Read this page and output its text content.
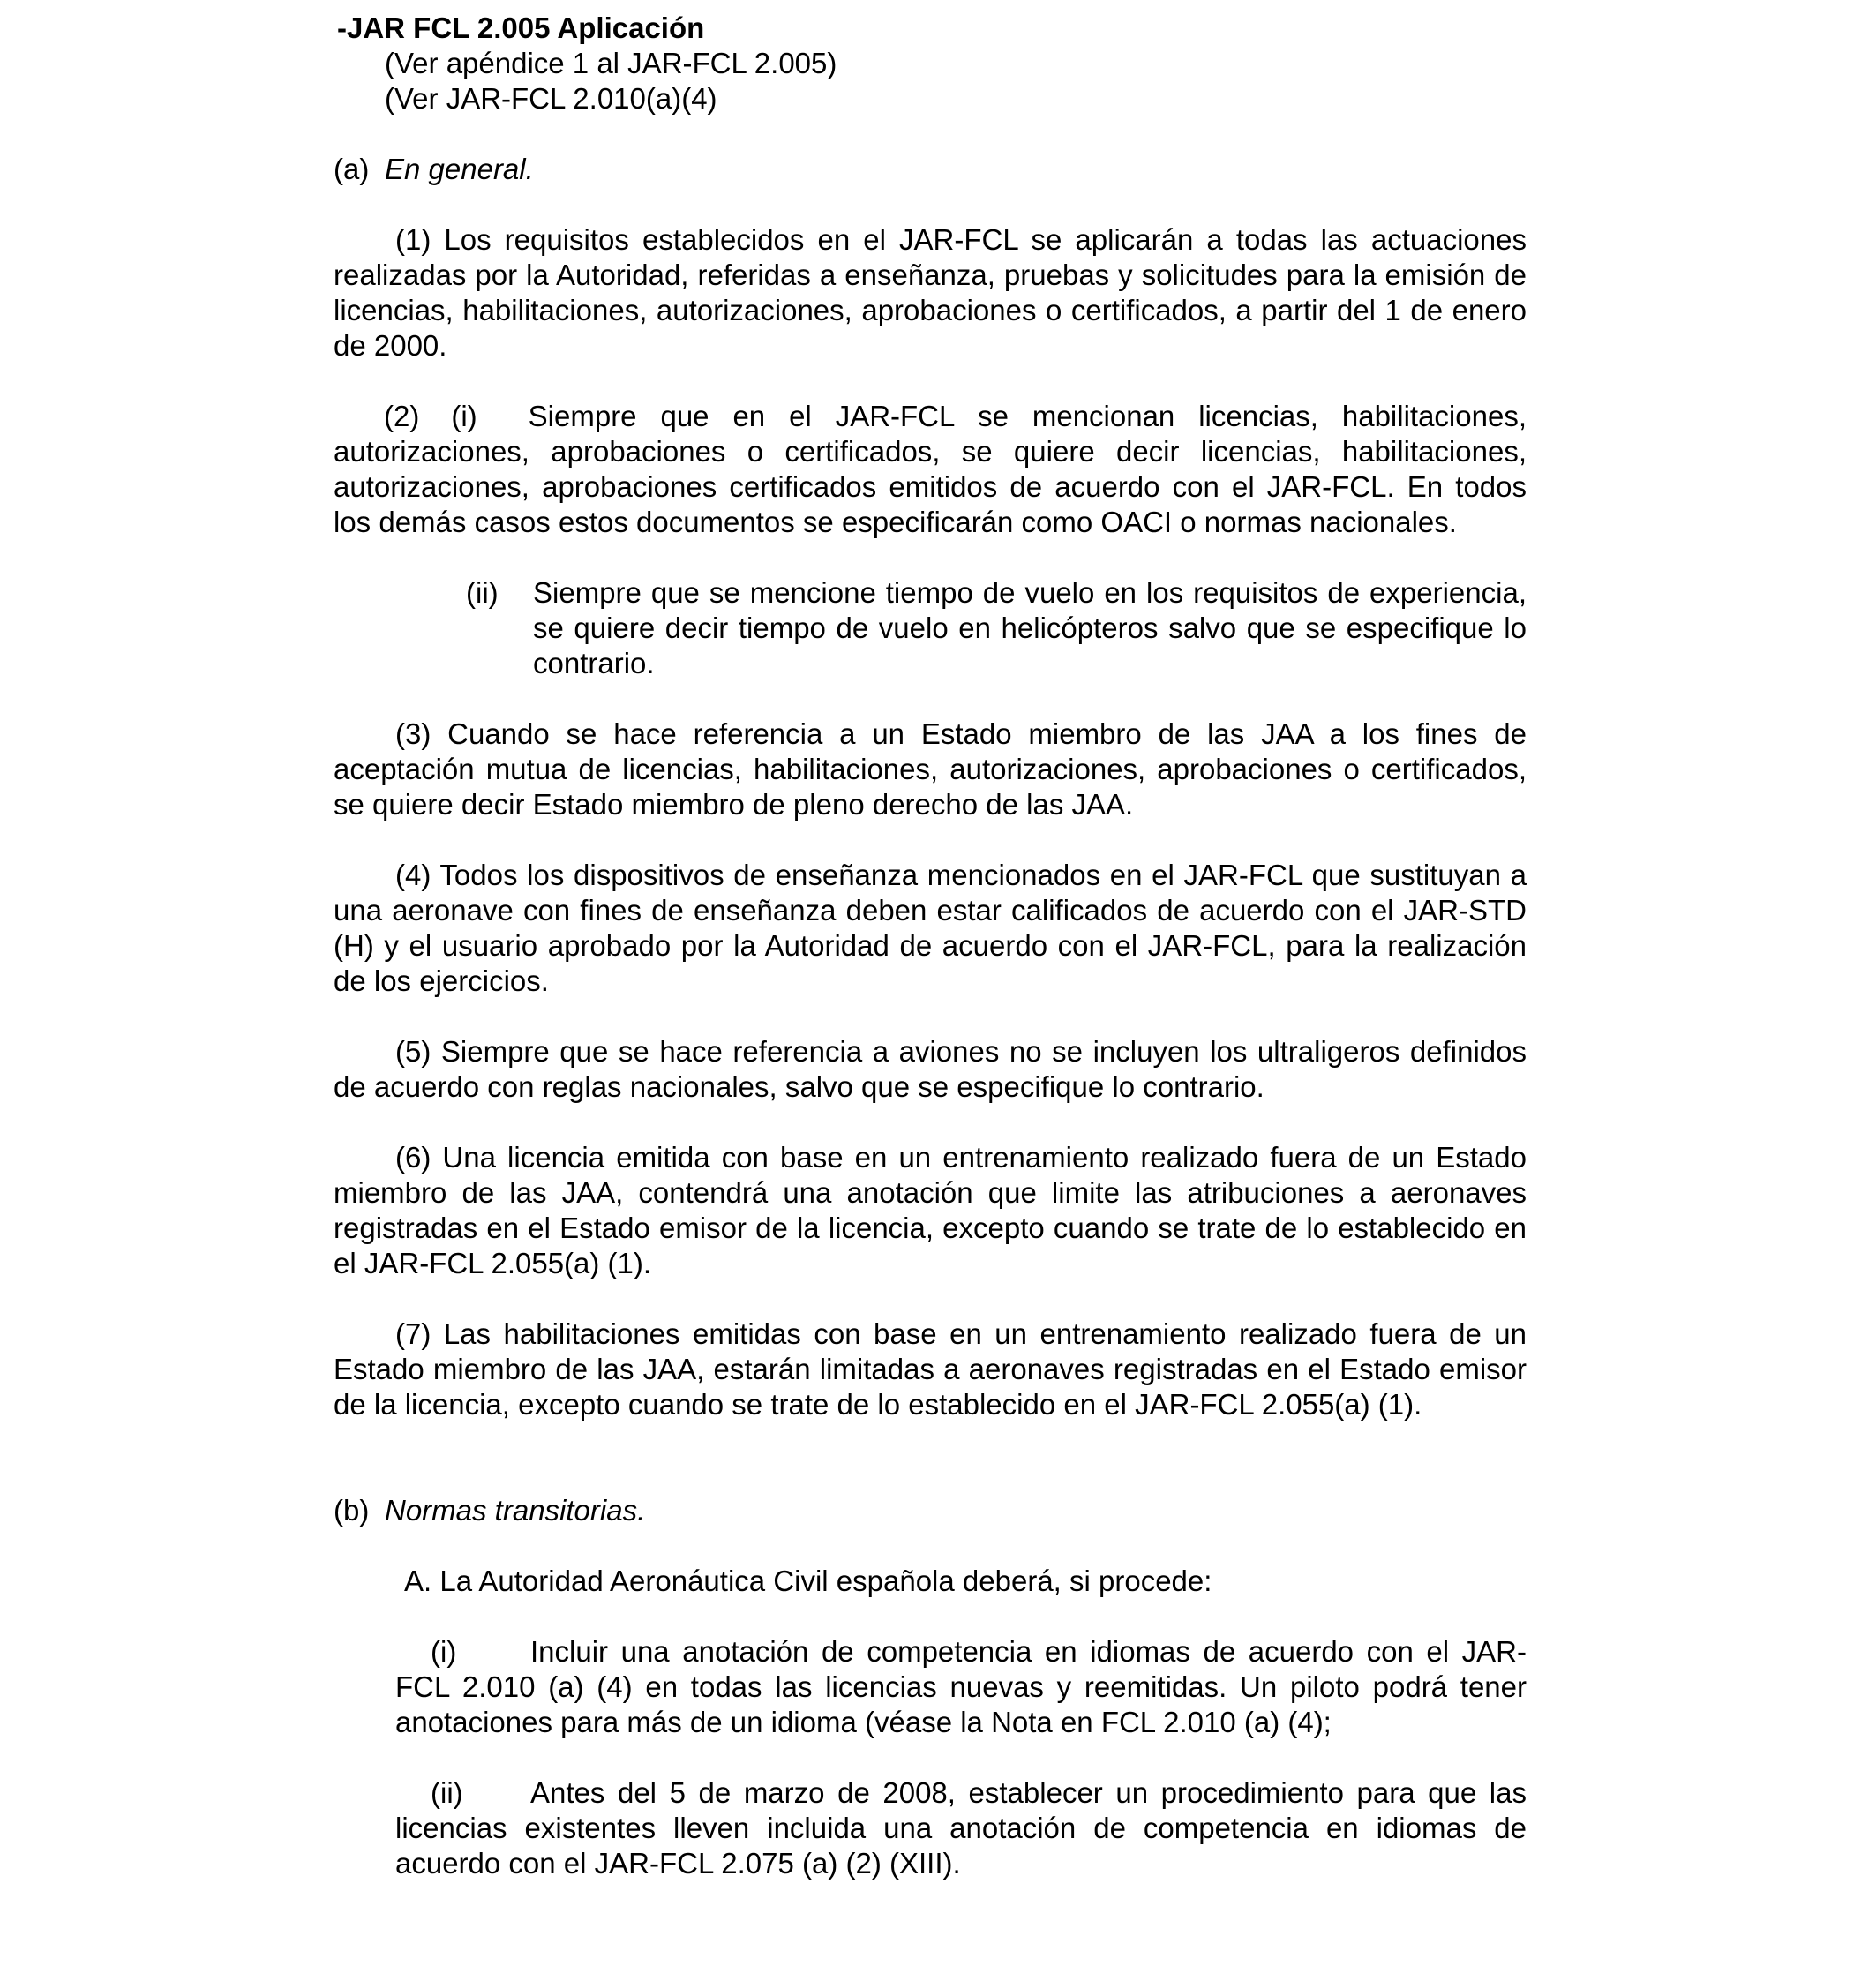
-JAR FCL 2.005 Aplicación
(Ver apéndice 1 al JAR-FCL 2.005)
(Ver JAR-FCL 2.010(a)(4)
(a) En general.
(1) Los requisitos establecidos en el JAR-FCL se aplicarán a todas las actuaciones realizadas por la Autoridad, referidas a enseñanza, pruebas y solicitudes para la emisión de licencias, habilitaciones, autorizaciones, aprobaciones o certificados, a partir del 1 de enero de 2000.
(2) (i) Siempre que en el JAR-FCL se mencionan licencias, habilitaciones, autorizaciones, aprobaciones o certificados, se quiere decir licencias, habilitaciones, autorizaciones, aprobaciones certificados emitidos de acuerdo con el JAR-FCL. En todos los demás casos estos documentos se especificarán como OACI o normas nacionales.
(ii) Siempre que se mencione tiempo de vuelo en los requisitos de experiencia, se quiere decir tiempo de vuelo en helicópteros salvo que se especifique lo contrario.
(3) Cuando se hace referencia a un Estado miembro de las JAA a los fines de aceptación mutua de licencias, habilitaciones, autorizaciones, aprobaciones o certificados, se quiere decir Estado miembro de pleno derecho de las JAA.
(4) Todos los dispositivos de enseñanza mencionados en el JAR-FCL que sustituyan a una aeronave con fines de enseñanza deben estar calificados de acuerdo con el JAR-STD (H) y el usuario aprobado por la Autoridad de acuerdo con el JAR-FCL, para la realización de los ejercicios.
(5) Siempre que se hace referencia a aviones no se incluyen los ultraligeros definidos de acuerdo con reglas nacionales, salvo que se especifique lo contrario.
(6) Una licencia emitida con base en un entrenamiento realizado fuera de un Estado miembro de las JAA, contendrá una anotación que limite las atribuciones a aeronaves registradas en el Estado emisor de la licencia, excepto cuando se trate de lo establecido en el JAR-FCL 2.055(a) (1).
(7) Las habilitaciones emitidas con base en un entrenamiento realizado fuera de un Estado miembro de las JAA, estarán limitadas a aeronaves registradas en el Estado emisor de la licencia, excepto cuando se trate de lo establecido en el JAR-FCL 2.055(a) (1).
(b) Normas transitorias.
A. La Autoridad Aeronáutica Civil española deberá, si procede:
(i)	Incluir una anotación de competencia en idiomas de acuerdo con el JAR-FCL 2.010 (a) (4) en todas las licencias nuevas y reemitidas. Un piloto podrá tener anotaciones para más de un idioma (véase la Nota en FCL 2.010 (a) (4);
(ii) Antes del 5 de marzo de 2008, establecer un procedimiento para que las licencias existentes lleven incluida una anotación de competencia en idiomas de acuerdo con el JAR-FCL 2.075 (a) (2) (XIII).
